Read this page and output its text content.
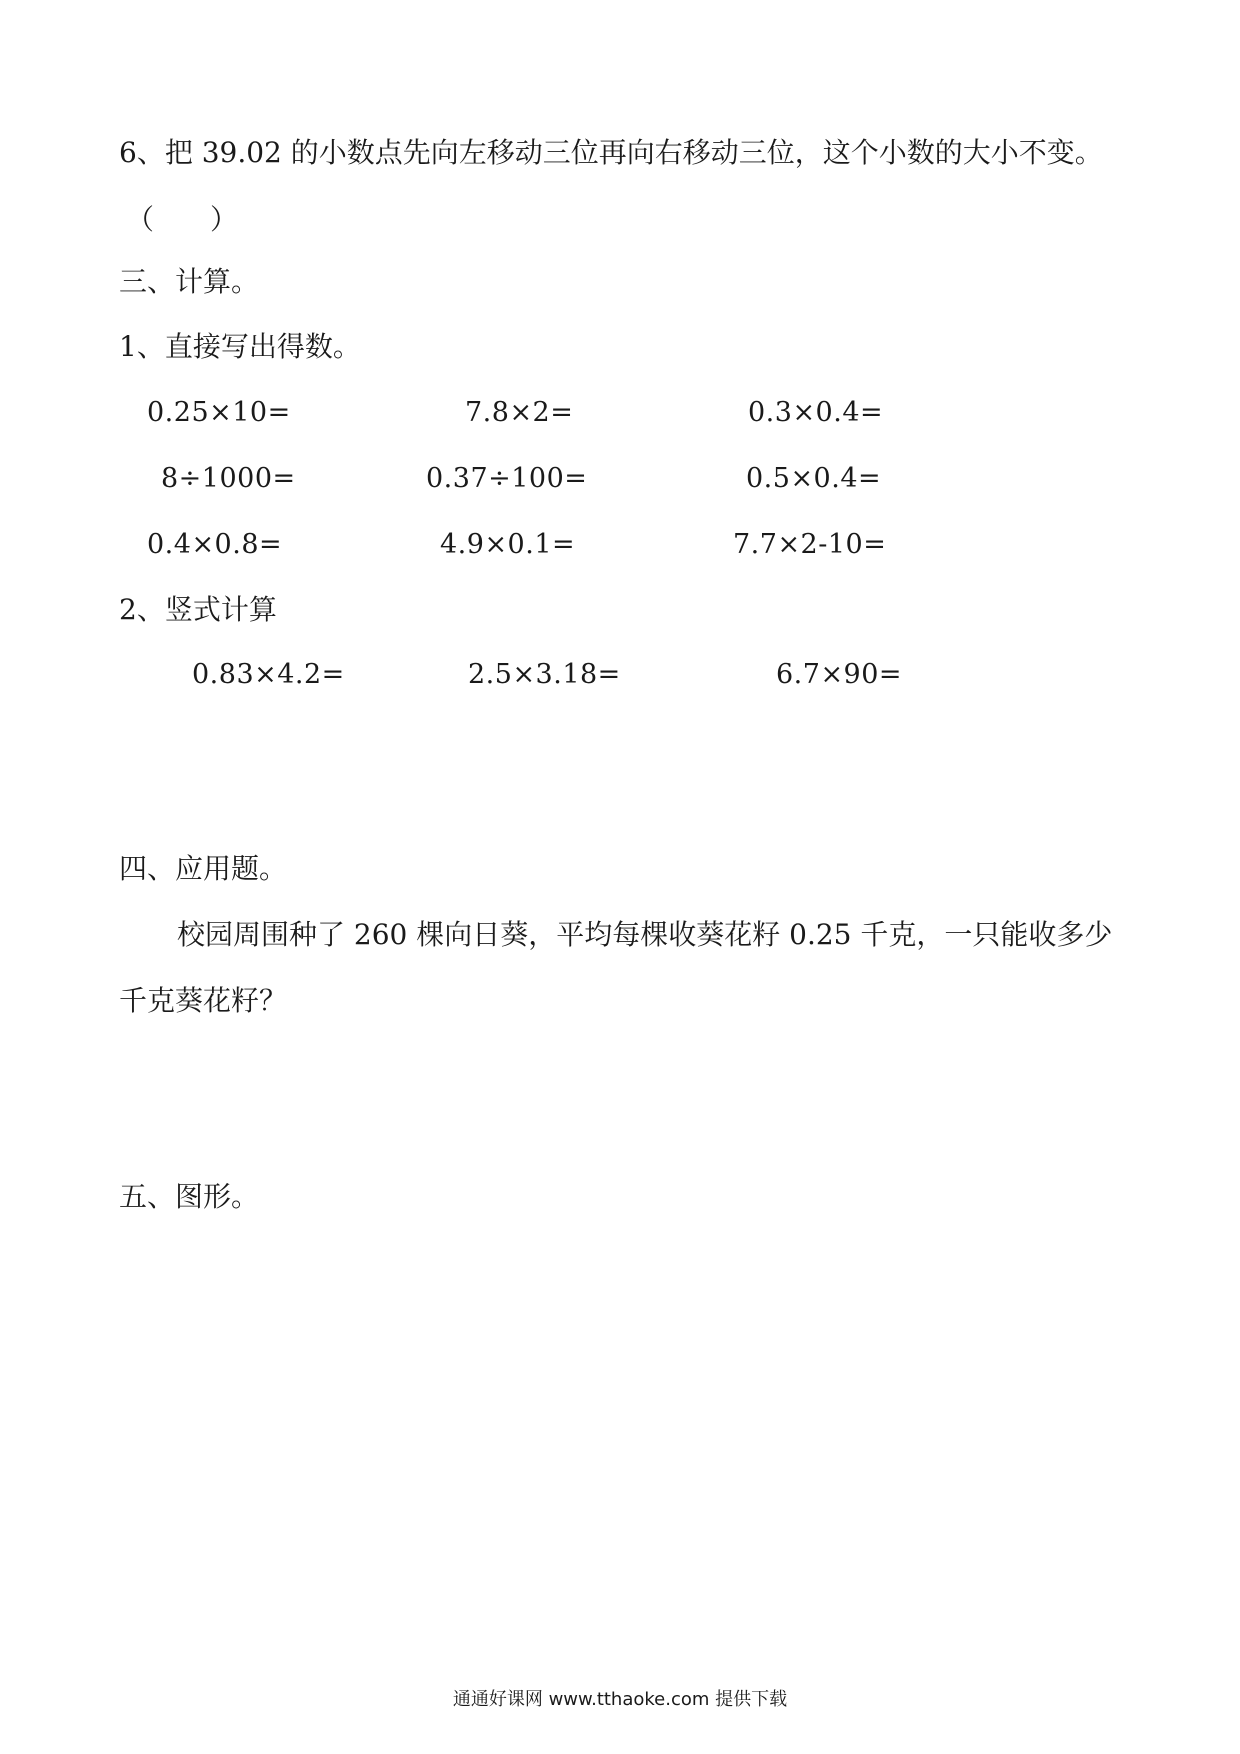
6、把 39.02 的小数点先向左移动三位再向右移动三位，这个小数的大小不变。
（　　）
三、计算。
1、直接写出得数。
0.25×10=	7.8×2=	0.3×0.4=
8÷1000=	0.37÷100=	0.5×0.4=
0.4×0.8=	4.9×0.1=	7.7×2-10=
2、竖式计算
0.83×4.2=	2.5×3.18=	6.7×90=
四、应用题。
校园周围种了 260 棵向日葵，平均每棵收葵花籽 0.25 千克，一只能收多少
千克葵花籽？
五、图形。
通通好课网 www.tthaoke.com 提供下载
